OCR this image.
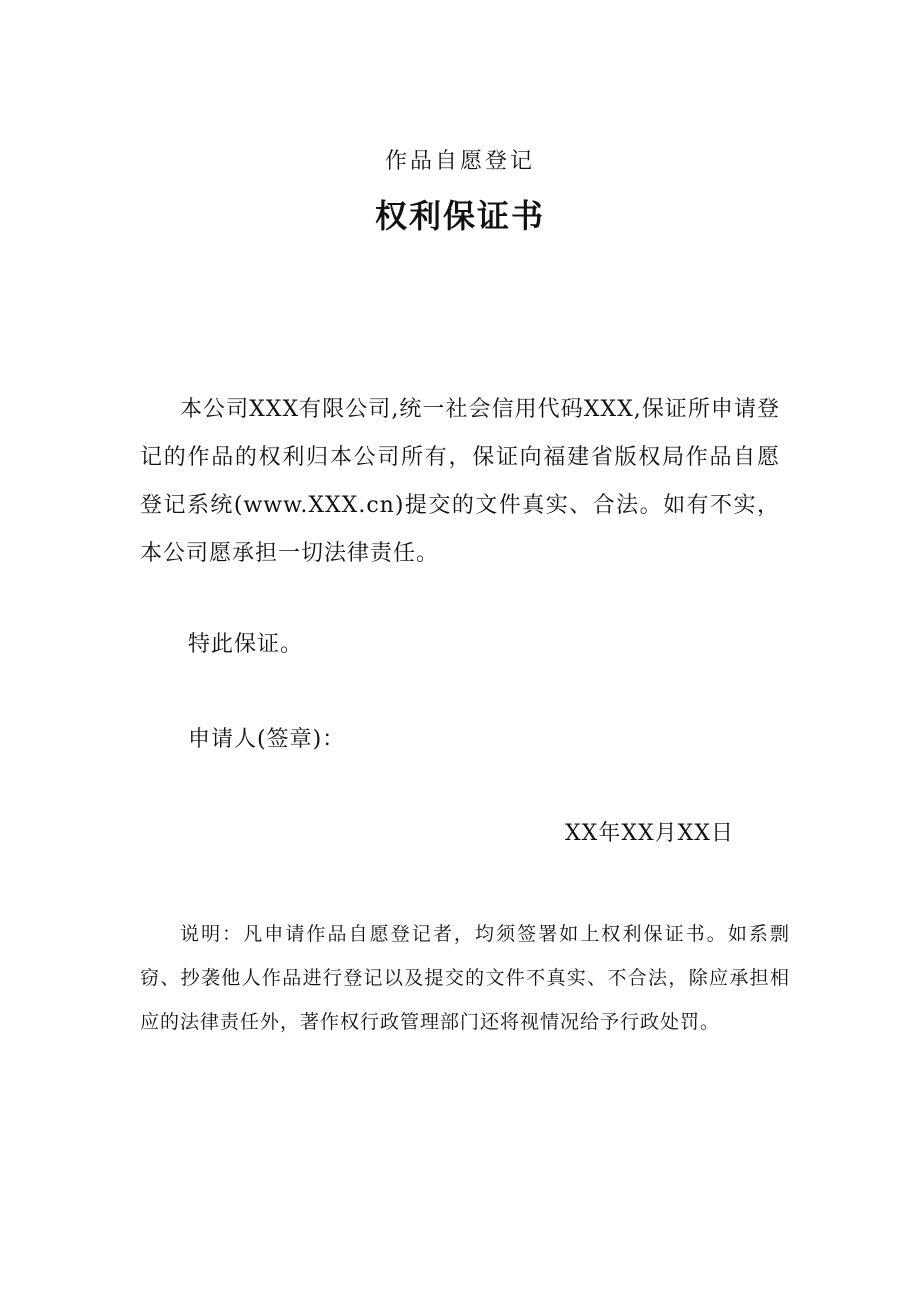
作品自愿登记
权利保证书
本公司XXX有限公司,统一社会信用代码XXX,保证所申请登记的作品的权利归本公司所有，保证向福建省版权局作品自愿登记系统(www.XXX.cn)提交的文件真实、合法。如有不实，本公司愿承担一切法律责任。
特此保证。
申请人(签章)：
XX年XX月XX日
说明：凡申请作品自愿登记者，均须签署如上权利保证书。如系剽窃、抄袭他人作品进行登记以及提交的文件不真实、不合法，除应承担相应的法律责任外，著作权行政管理部门还将视情况给予行政处罚。
